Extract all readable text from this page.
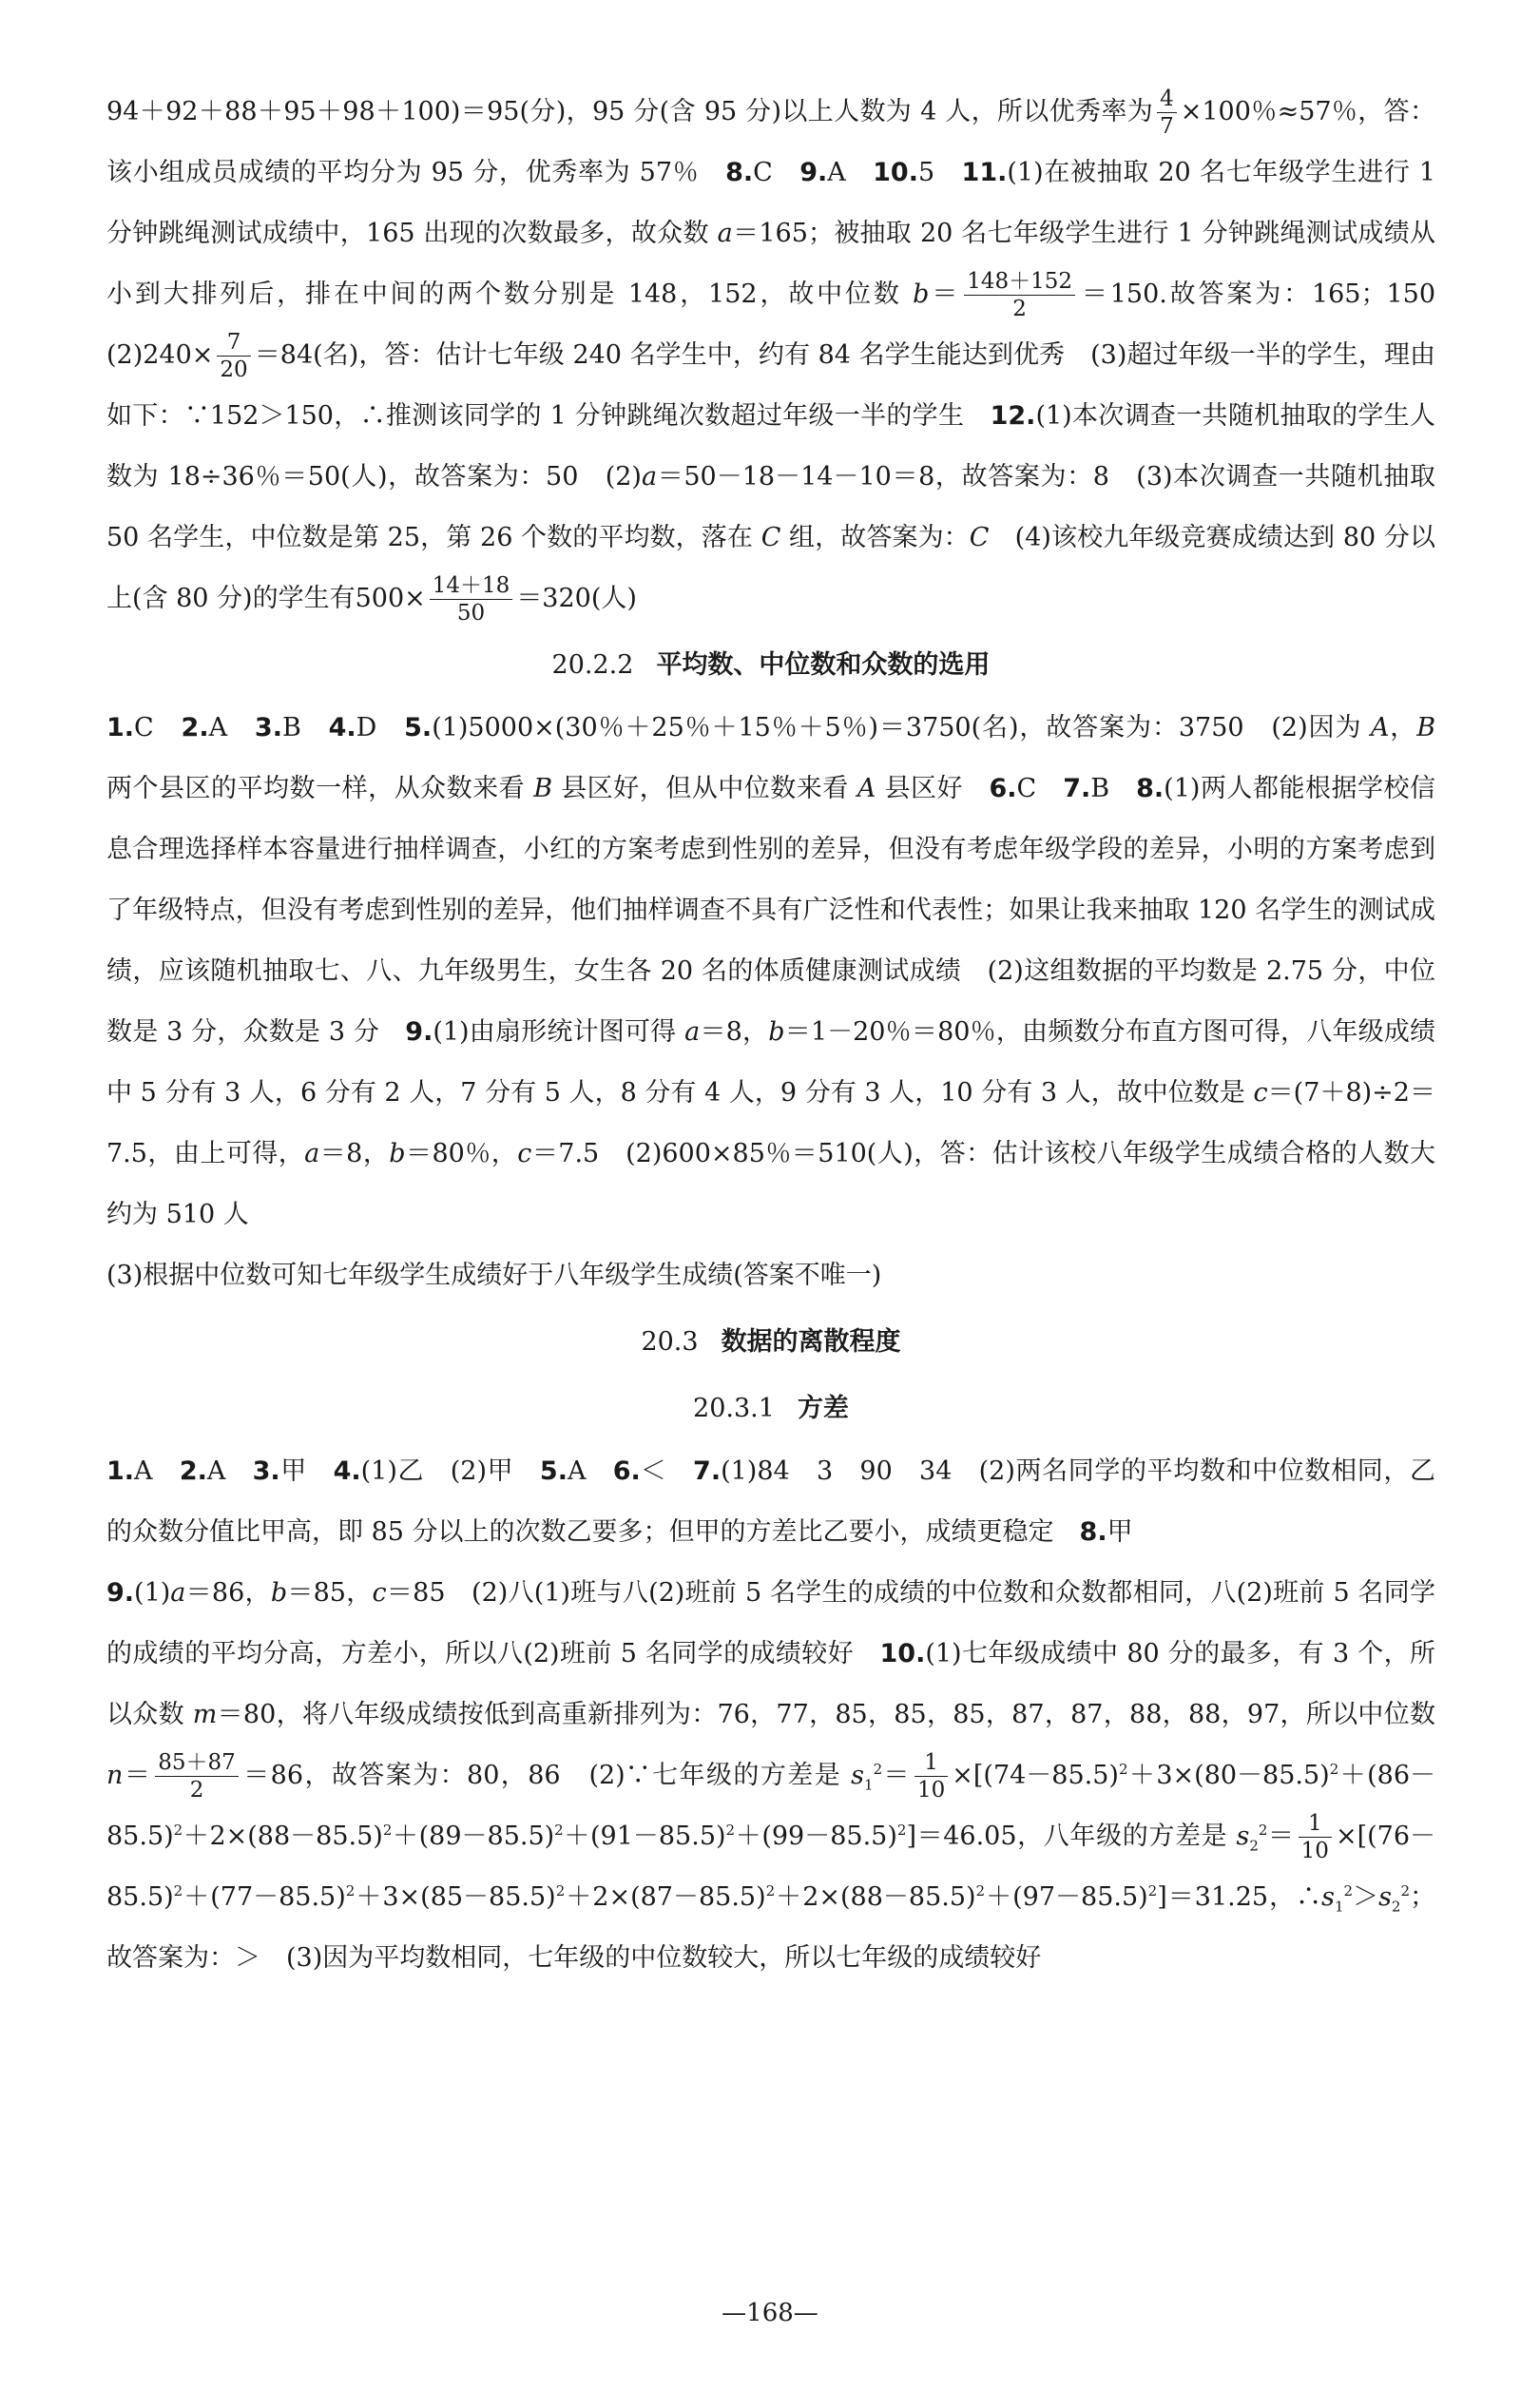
94＋92＋88＋95＋98＋100)＝95(分)，95 分(含 95 分)以上人数为 4 人，所以优秀率为 $\frac{4}{7} \times 100$％≈57％，答：该小组成员成绩的平均分为 95 分，优秀率为 57％　8.C　9.A　10.5　11.(1)在被抽取 20 名七年级学生进行 1 分钟跳绳测试成绩中，165 出现的次数最多，故众数 a＝165；被抽取 20 名七年级学生进行 1 分钟跳绳测试成绩从小到大排列后，排在中间的两个数分别是 148，152，故中位数 $b= \frac{148+152}{2} =150$.故答案为：165；150　$(2)240\times \frac{7}{20} =84$(名)，答：估计七年级 240 名学生中，约有 84 名学生能达到优秀　(3)超过年级一半的学生，理由如下：∵152＞150，∴推测该同学的 1 分钟跳绳次数超过年级一半的学生　12.(1)本次调查一共随机抽取的学生人数为 18÷36％＝50(人)，故答案为：50　(2)a＝50－18－14－10＝8，故答案为：8　(3)本次调查一共随机抽取 50 名学生，中位数是第 25，第 26 个数的平均数，落在 C 组，故答案为：C　(4)该校九年级竞赛成绩达到 80 分以上(含 80 分)的学生有$500\times \frac{14+18}{50} =320$(人)

20.2.2 平均数、中位数和众数的选用

1.C　2.A　3.B　4.D　5.(1)5000×(30％＋25％＋15％＋5％)＝3750(名)，故答案为：3750　(2)因为 A，B 两个县区的平均数一样，从众数来看 B 县区好，但从中位数来看 A 县区好　6.C　7.B　8.(1)两人都能根据学校信息合理选择样本容量进行抽样调查，小红的方案考虑到性别的差异，但没有考虑年级学段的差异，小明的方案考虑到了年级特点，但没有考虑到性别的差异，他们抽样调查不具有广泛性和代表性；如果让我来抽取 120 名学生的测试成绩，应该随机抽取七、八、九年级男生，女生各 20 名的体质健康测试成绩　(2)这组数据的平均数是 2.75 分，中位数是 3 分，众数是 3 分　9.(1)由扇形统计图可得 a＝8，b＝1－20％＝80％，由频数分布直方图可得，八年级成绩中 5 分有 3 人，6 分有 2 人，7 分有 5 人，8 分有 4 人，9 分有 3 人，10 分有 3 人，故中位数是 c＝(7＋8)÷2＝7.5，由上可得，a＝8，b＝80％，c＝7.5　(2)600×85％＝510(人)，答：估计该校八年级学生成绩合格的人数大约为 510 人

(3)根据中位数可知七年级学生成绩好于八年级学生成绩(答案不唯一)

20.3 数据的离散程度
20.3.1 方差

1.A　2.A　3.甲　4.(1)乙　(2)甲　5.A　6.＜　7.(1)84　3　90　34　(2)两名同学的平均数和中位数相同，乙的众数分值比甲高，即 85 分以上的次数乙要多；但甲的方差比乙要小，成绩更稳定　8.甲
9.(1)a＝86，b＝85，c＝85　(2)八(1)班与八(2)班前 5 名学生的成绩的中位数和众数都相同，八(2)班前 5 名同学的成绩的平均分高，方差小，所以八(2)班前 5 名同学的成绩较好　10.(1)七年级成绩中 80 分的最多，有 3 个，所以众数 m＝80，将八年级成绩按低到高重新排列为：76，77，85，85，85，87，87，88，88，97，所以中位数 $n= \frac{85+87}{2} =86$，故答案为：80，86　(2)∵七年级的方差是 $s_1^2= \frac{1}{10} \times[(74-85.5)^2+3\times(80-85.5)^2+(86-85.5)^2+2\times(88-85.5)^2+(89-85.5)^2+(91-85.5)^2+(99-85.5)^2]=46.05$，八年级的方差是 $s_2^2= \frac{1}{10} \times[(76-85.5)^2+(77-85.5)^2+3\times(85-85.5)^2+2\times(87-85.5)^2+2\times(88-85.5)^2+(97-85.5)^2]=31.25$，$\therefore s_1^2>s_2^2$；故答案为：＞　(3)因为平均数相同，七年级的中位数较大，所以七年级的成绩较好

—168—
